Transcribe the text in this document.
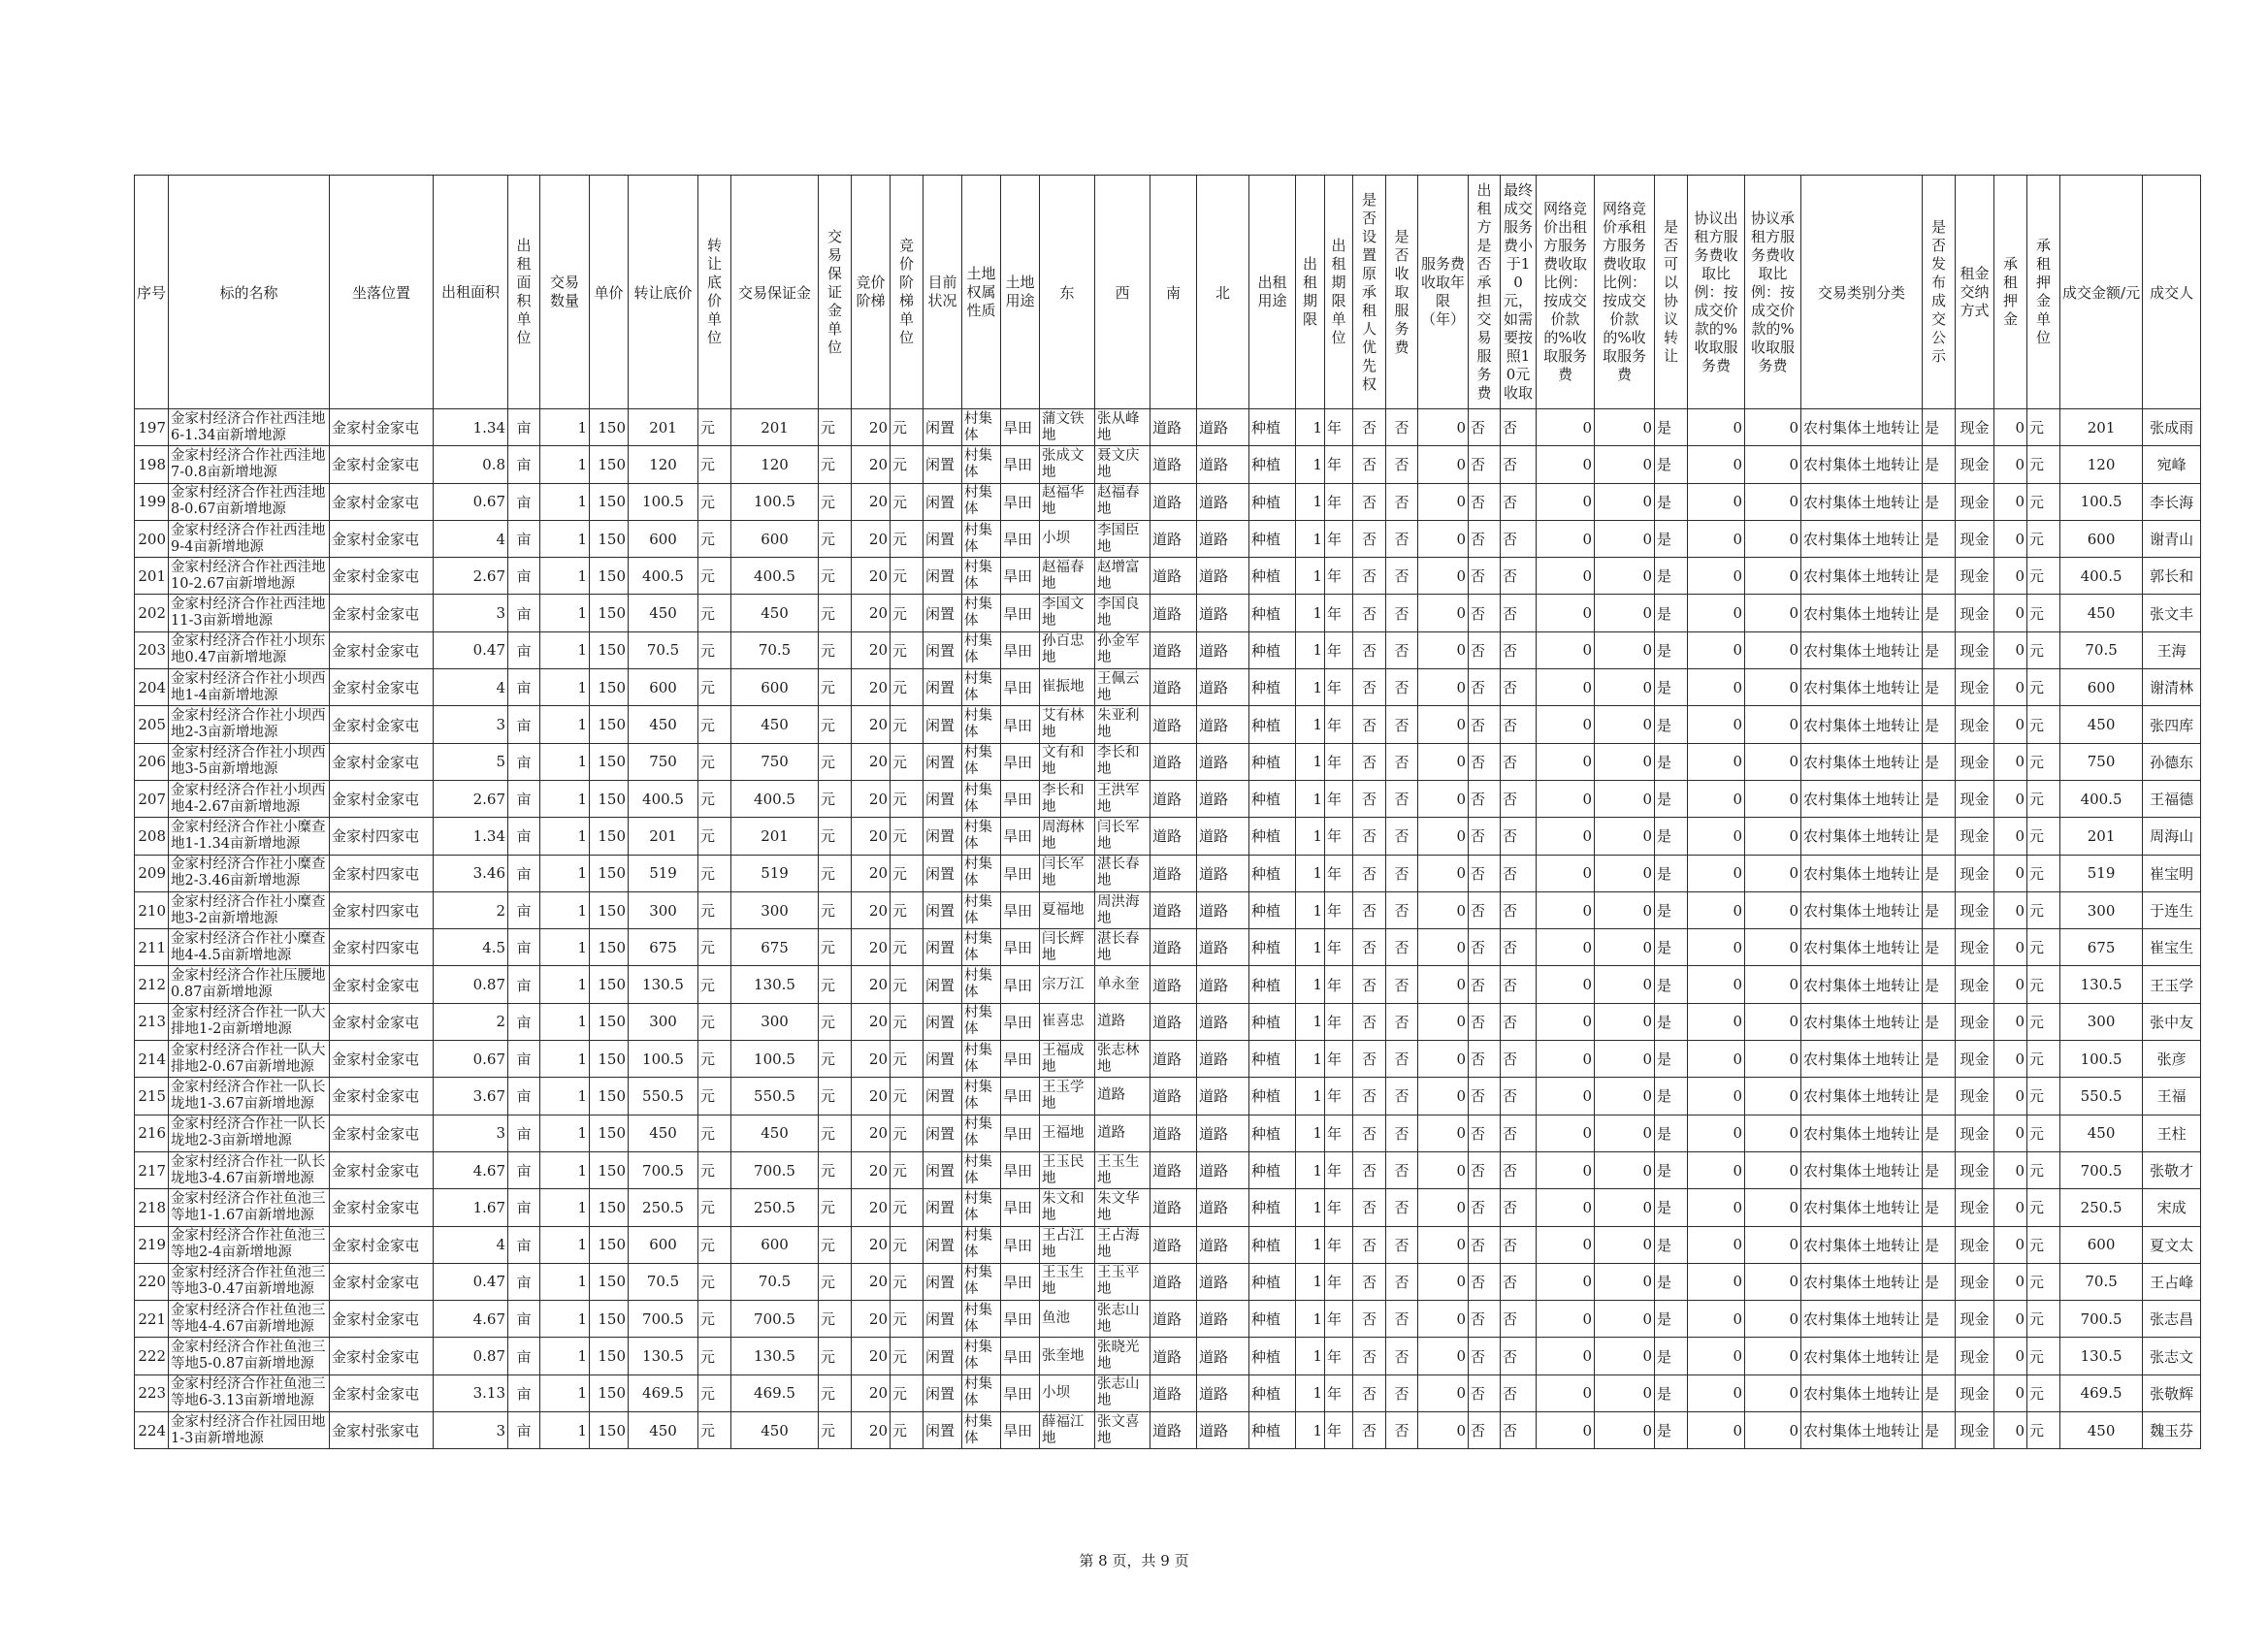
序号	标的名称	坐落位置	出租面积	出租面积单位	交易数量	单价	转让底价	转让底价单位	交易保证金	交易保证金单位	竞价阶梯	竞价阶梯单位	目前状况	土地权属性质	土地用途	东	西	南	北	出租用途	出租期限	出租期限单位	是否设置原承租人优先权	是否收取服务费	服务费收取年限（年）	出租方是否承担交易服务费	最终成交服务费小于10元，如需要按照10元收取	网络竞价出租方服务费收取比例：按成交价款的%收取服务费	网络竞价承租方服务费收取比例：按成交价款的%收取服务费	是否可以协议转让	协议出租方服务费收取比例：按成交价款的%收取服务费	协议承租方服务费收取比例：按成交价款的%收取服务费	交易类别分类	是否发布成交公示	租金交纳方式	承租押金	承租押金单位	成交金额/元	成交人
197	金家村经济合作社西洼地6-1.34亩新增地源	金家村金家屯	1.34	亩	1	150	201	元	201	元	20	元	闲置	村集体	旱田	蒲文铁地	张从峰地	道路	道路	种植	1	年	否	否	0	否	否	0	0	是	0	0	农村集体土地转让	是	现金	0	元	201	张成雨
198	金家村经济合作社西洼地7-0.8亩新增地源	金家村金家屯	0.8	亩	1	150	120	元	120	元	20	元	闲置	村集体	旱田	张成文地	聂文庆地	道路	道路	种植	1	年	否	否	0	否	否	0	0	是	0	0	农村集体土地转让	是	现金	0	元	120	宛峰
199	金家村经济合作社西洼地8-0.67亩新增地源	金家村金家屯	0.67	亩	1	150	100.5	元	100.5	元	20	元	闲置	村集体	旱田	赵福华地	赵福春地	道路	道路	种植	1	年	否	否	0	否	否	0	0	是	0	0	农村集体土地转让	是	现金	0	元	100.5	李长海
200	金家村经济合作社西洼地9-4亩新增地源	金家村金家屯	4	亩	1	150	600	元	600	元	20	元	闲置	村集体	旱田	小坝	李国臣地	道路	道路	种植	1	年	否	否	0	否	否	0	0	是	0	0	农村集体土地转让	是	现金	0	元	600	谢青山
201	金家村经济合作社西洼地10-2.67亩新增地源	金家村金家屯	2.67	亩	1	150	400.5	元	400.5	元	20	元	闲置	村集体	旱田	赵福春地	赵增富地	道路	道路	种植	1	年	否	否	0	否	否	0	0	是	0	0	农村集体土地转让	是	现金	0	元	400.5	郭长和
202	金家村经济合作社西洼地11-3亩新增地源	金家村金家屯	3	亩	1	150	450	元	450	元	20	元	闲置	村集体	旱田	李国文地	李国良地	道路	道路	种植	1	年	否	否	0	否	否	0	0	是	0	0	农村集体土地转让	是	现金	0	元	450	张文丰
203	金家村经济合作社小坝东地0.47亩新增地源	金家村金家屯	0.47	亩	1	150	70.5	元	70.5	元	20	元	闲置	村集体	旱田	孙百忠地	孙金军地	道路	道路	种植	1	年	否	否	0	否	否	0	0	是	0	0	农村集体土地转让	是	现金	0	元	70.5	王海
204	金家村经济合作社小坝西地1-4亩新增地源	金家村金家屯	4	亩	1	150	600	元	600	元	20	元	闲置	村集体	旱田	崔振地	王佩云地	道路	道路	种植	1	年	否	否	0	否	否	0	0	是	0	0	农村集体土地转让	是	现金	0	元	600	谢清林
205	金家村经济合作社小坝西地2-3亩新增地源	金家村金家屯	3	亩	1	150	450	元	450	元	20	元	闲置	村集体	旱田	艾有林地	朱亚利地	道路	道路	种植	1	年	否	否	0	否	否	0	0	是	0	0	农村集体土地转让	是	现金	0	元	450	张四库
206	金家村经济合作社小坝西地3-5亩新增地源	金家村金家屯	5	亩	1	150	750	元	750	元	20	元	闲置	村集体	旱田	文有和地	李长和地	道路	道路	种植	1	年	否	否	0	否	否	0	0	是	0	0	农村集体土地转让	是	现金	0	元	750	孙德东
207	金家村经济合作社小坝西地4-2.67亩新增地源	金家村金家屯	2.67	亩	1	150	400.5	元	400.5	元	20	元	闲置	村集体	旱田	李长和地	王洪军地	道路	道路	种植	1	年	否	否	0	否	否	0	0	是	0	0	农村集体土地转让	是	现金	0	元	400.5	王福德
208	金家村经济合作社小糜查地1-1.34亩新增地源	金家村四家屯	1.34	亩	1	150	201	元	201	元	20	元	闲置	村集体	旱田	周海林地	闫长军地	道路	道路	种植	1	年	否	否	0	否	否	0	0	是	0	0	农村集体土地转让	是	现金	0	元	201	周海山
209	金家村经济合作社小糜查地2-3.46亩新增地源	金家村四家屯	3.46	亩	1	150	519	元	519	元	20	元	闲置	村集体	旱田	闫长军地	湛长春地	道路	道路	种植	1	年	否	否	0	否	否	0	0	是	0	0	农村集体土地转让	是	现金	0	元	519	崔宝明
210	金家村经济合作社小糜查地3-2亩新增地源	金家村四家屯	2	亩	1	150	300	元	300	元	20	元	闲置	村集体	旱田	夏福地	周洪海地	道路	道路	种植	1	年	否	否	0	否	否	0	0	是	0	0	农村集体土地转让	是	现金	0	元	300	于连生
211	金家村经济合作社小糜查地4-4.5亩新增地源	金家村四家屯	4.5	亩	1	150	675	元	675	元	20	元	闲置	村集体	旱田	闫长辉地	湛长春地	道路	道路	种植	1	年	否	否	0	否	否	0	0	是	0	0	农村集体土地转让	是	现金	0	元	675	崔宝生
212	金家村经济合作社压腰地0.87亩新增地源	金家村金家屯	0.87	亩	1	150	130.5	元	130.5	元	20	元	闲置	村集体	旱田	宗万江	单永奎	道路	道路	种植	1	年	否	否	0	否	否	0	0	是	0	0	农村集体土地转让	是	现金	0	元	130.5	王玉学
213	金家村经济合作社一队大排地1-2亩新增地源	金家村金家屯	2	亩	1	150	300	元	300	元	20	元	闲置	村集体	旱田	崔喜忠	道路	道路	道路	种植	1	年	否	否	0	否	否	0	0	是	0	0	农村集体土地转让	是	现金	0	元	300	张中友
214	金家村经济合作社一队大排地2-0.67亩新增地源	金家村金家屯	0.67	亩	1	150	100.5	元	100.5	元	20	元	闲置	村集体	旱田	王福成地	张志林地	道路	道路	种植	1	年	否	否	0	否	否	0	0	是	0	0	农村集体土地转让	是	现金	0	元	100.5	张彦
215	金家村经济合作社一队长垅地1-3.67亩新增地源	金家村金家屯	3.67	亩	1	150	550.5	元	550.5	元	20	元	闲置	村集体	旱田	王玉学地	道路	道路	道路	种植	1	年	否	否	0	否	否	0	0	是	0	0	农村集体土地转让	是	现金	0	元	550.5	王福
216	金家村经济合作社一队长垅地2-3亩新增地源	金家村金家屯	3	亩	1	150	450	元	450	元	20	元	闲置	村集体	旱田	王福地	道路	道路	道路	种植	1	年	否	否	0	否	否	0	0	是	0	0	农村集体土地转让	是	现金	0	元	450	王柱
217	金家村经济合作社一队长垅地3-4.67亩新增地源	金家村金家屯	4.67	亩	1	150	700.5	元	700.5	元	20	元	闲置	村集体	旱田	王玉民地	王玉生地	道路	道路	种植	1	年	否	否	0	否	否	0	0	是	0	0	农村集体土地转让	是	现金	0	元	700.5	张敬才
218	金家村经济合作社鱼池三等地1-1.67亩新增地源	金家村金家屯	1.67	亩	1	150	250.5	元	250.5	元	20	元	闲置	村集体	旱田	朱文和地	朱文华地	道路	道路	种植	1	年	否	否	0	否	否	0	0	是	0	0	农村集体土地转让	是	现金	0	元	250.5	宋成
219	金家村经济合作社鱼池三等地2-4亩新增地源	金家村金家屯	4	亩	1	150	600	元	600	元	20	元	闲置	村集体	旱田	王占江地	王占海地	道路	道路	种植	1	年	否	否	0	否	否	0	0	是	0	0	农村集体土地转让	是	现金	0	元	600	夏文太
220	金家村经济合作社鱼池三等地3-0.47亩新增地源	金家村金家屯	0.47	亩	1	150	70.5	元	70.5	元	20	元	闲置	村集体	旱田	王玉生地	王玉平地	道路	道路	种植	1	年	否	否	0	否	否	0	0	是	0	0	农村集体土地转让	是	现金	0	元	70.5	王占峰
221	金家村经济合作社鱼池三等地4-4.67亩新增地源	金家村金家屯	4.67	亩	1	150	700.5	元	700.5	元	20	元	闲置	村集体	旱田	鱼池	张志山地	道路	道路	种植	1	年	否	否	0	否	否	0	0	是	0	0	农村集体土地转让	是	现金	0	元	700.5	张志昌
222	金家村经济合作社鱼池三等地5-0.87亩新增地源	金家村金家屯	0.87	亩	1	150	130.5	元	130.5	元	20	元	闲置	村集体	旱田	张奎地	张晓光地	道路	道路	种植	1	年	否	否	0	否	否	0	0	是	0	0	农村集体土地转让	是	现金	0	元	130.5	张志文
223	金家村经济合作社鱼池三等地6-3.13亩新增地源	金家村金家屯	3.13	亩	1	150	469.5	元	469.5	元	20	元	闲置	村集体	旱田	小坝	张志山地	道路	道路	种植	1	年	否	否	0	否	否	0	0	是	0	0	农村集体土地转让	是	现金	0	元	469.5	张敬辉
224	金家村经济合作社园田地1-3亩新增地源	金家村张家屯	3	亩	1	150	450	元	450	元	20	元	闲置	村集体	旱田	薛福江地	张文喜地	道路	道路	种植	1	年	否	否	0	否	否	0	0	是	0	0	农村集体土地转让	是	现金	0	元	450	魏玉芬
第 8 页，共 9 页
